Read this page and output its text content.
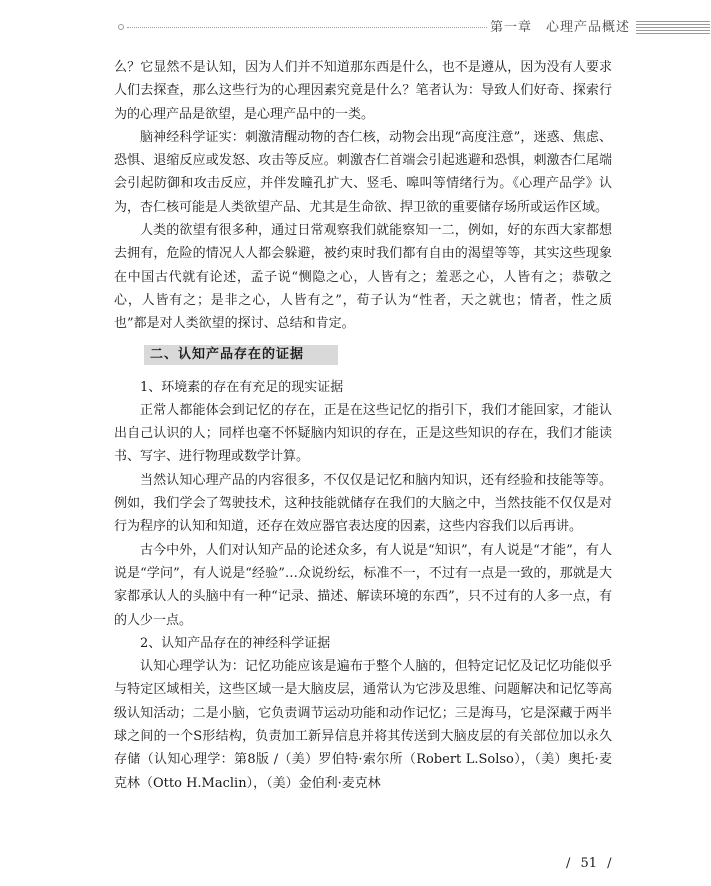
第一章　心理产品概述

么？它显然不是认知，因为人们并不知道那东西是什么，也不是遵从，因为没有人要求人们去探查，那么这些行为的心理因素究竟是什么？笔者认为：导致人们好奇、探索行为的心理产品是欲望，是心理产品中的一类。

脑神经科学证实：刺激清醒动物的杏仁核，动物会出现“高度注意”，迷惑、焦虑、恐惧、退缩反应或发怒、攻击等反应。刺激杏仁首端会引起逃避和恐惧，刺激杏仁尾端会引起防御和攻击反应，并伴发瞳孔扩大、竖毛、嗥叫等情绪行为。《心理产品学》认为，杏仁核可能是人类欲望产品、尤其是生命欲、捍卫欲的重要储存场所或运作区域。

人类的欲望有很多种，通过日常观察我们就能察知一二，例如，好的东西大家都想去拥有，危险的情况人人都会躲避，被约束时我们都有自由的渴望等等，其实这些现象在中国古代就有论述，孟子说“恻隐之心，人皆有之；羞恶之心，人皆有之；恭敬之心，人皆有之；是非之心，人皆有之”，荀子认为“性者，天之就也；情者，性之质也”都是对人类欲望的探讨、总结和肯定。

二、认知产品存在的证据

1、环境素的存在有充足的现实证据

正常人都能体会到记忆的存在，正是在这些记忆的指引下，我们才能回家，才能认出自己认识的人；同样也毫不怀疑脑内知识的存在，正是这些知识的存在，我们才能读书、写字、进行物理或数学计算。

当然认知心理产品的内容很多，不仅仅是记忆和脑内知识，还有经验和技能等等。例如，我们学会了驾驶技术，这种技能就储存在我们的大脑之中，当然技能不仅仅是对行为程序的认知和知道，还存在效应器官表达度的因素，这些内容我们以后再讲。

古今中外，人们对认知产品的论述众多，有人说是“知识”，有人说是“才能”，有人说是“学问”，有人说是“经验”…众说纷纭，标准不一，不过有一点是一致的，那就是大家都承认人的头脑中有一种“记录、描述、解读环境的东西”，只不过有的人多一点，有的人少一点。

2、认知产品存在的神经科学证据

认知心理学认为：记忆功能应该是遍布于整个人脑的，但特定记忆及记忆功能似乎与特定区域相关，这些区域一是大脑皮层，通常认为它涉及思维、问题解决和记忆等高级认知活动；二是小脑，它负责调节运动功能和动作记忆；三是海马，它是深藏于两半球之间的一个S形结构，负责加工新异信息并将其传送到大脑皮层的有关部位加以永久存储（认知心理学：第8版 /（美）罗伯特·索尔所（Robert L.Solso），（美）奥托·麦克林（Otto H.Maclin），（美）金伯利·麦克林

/ 51 /
